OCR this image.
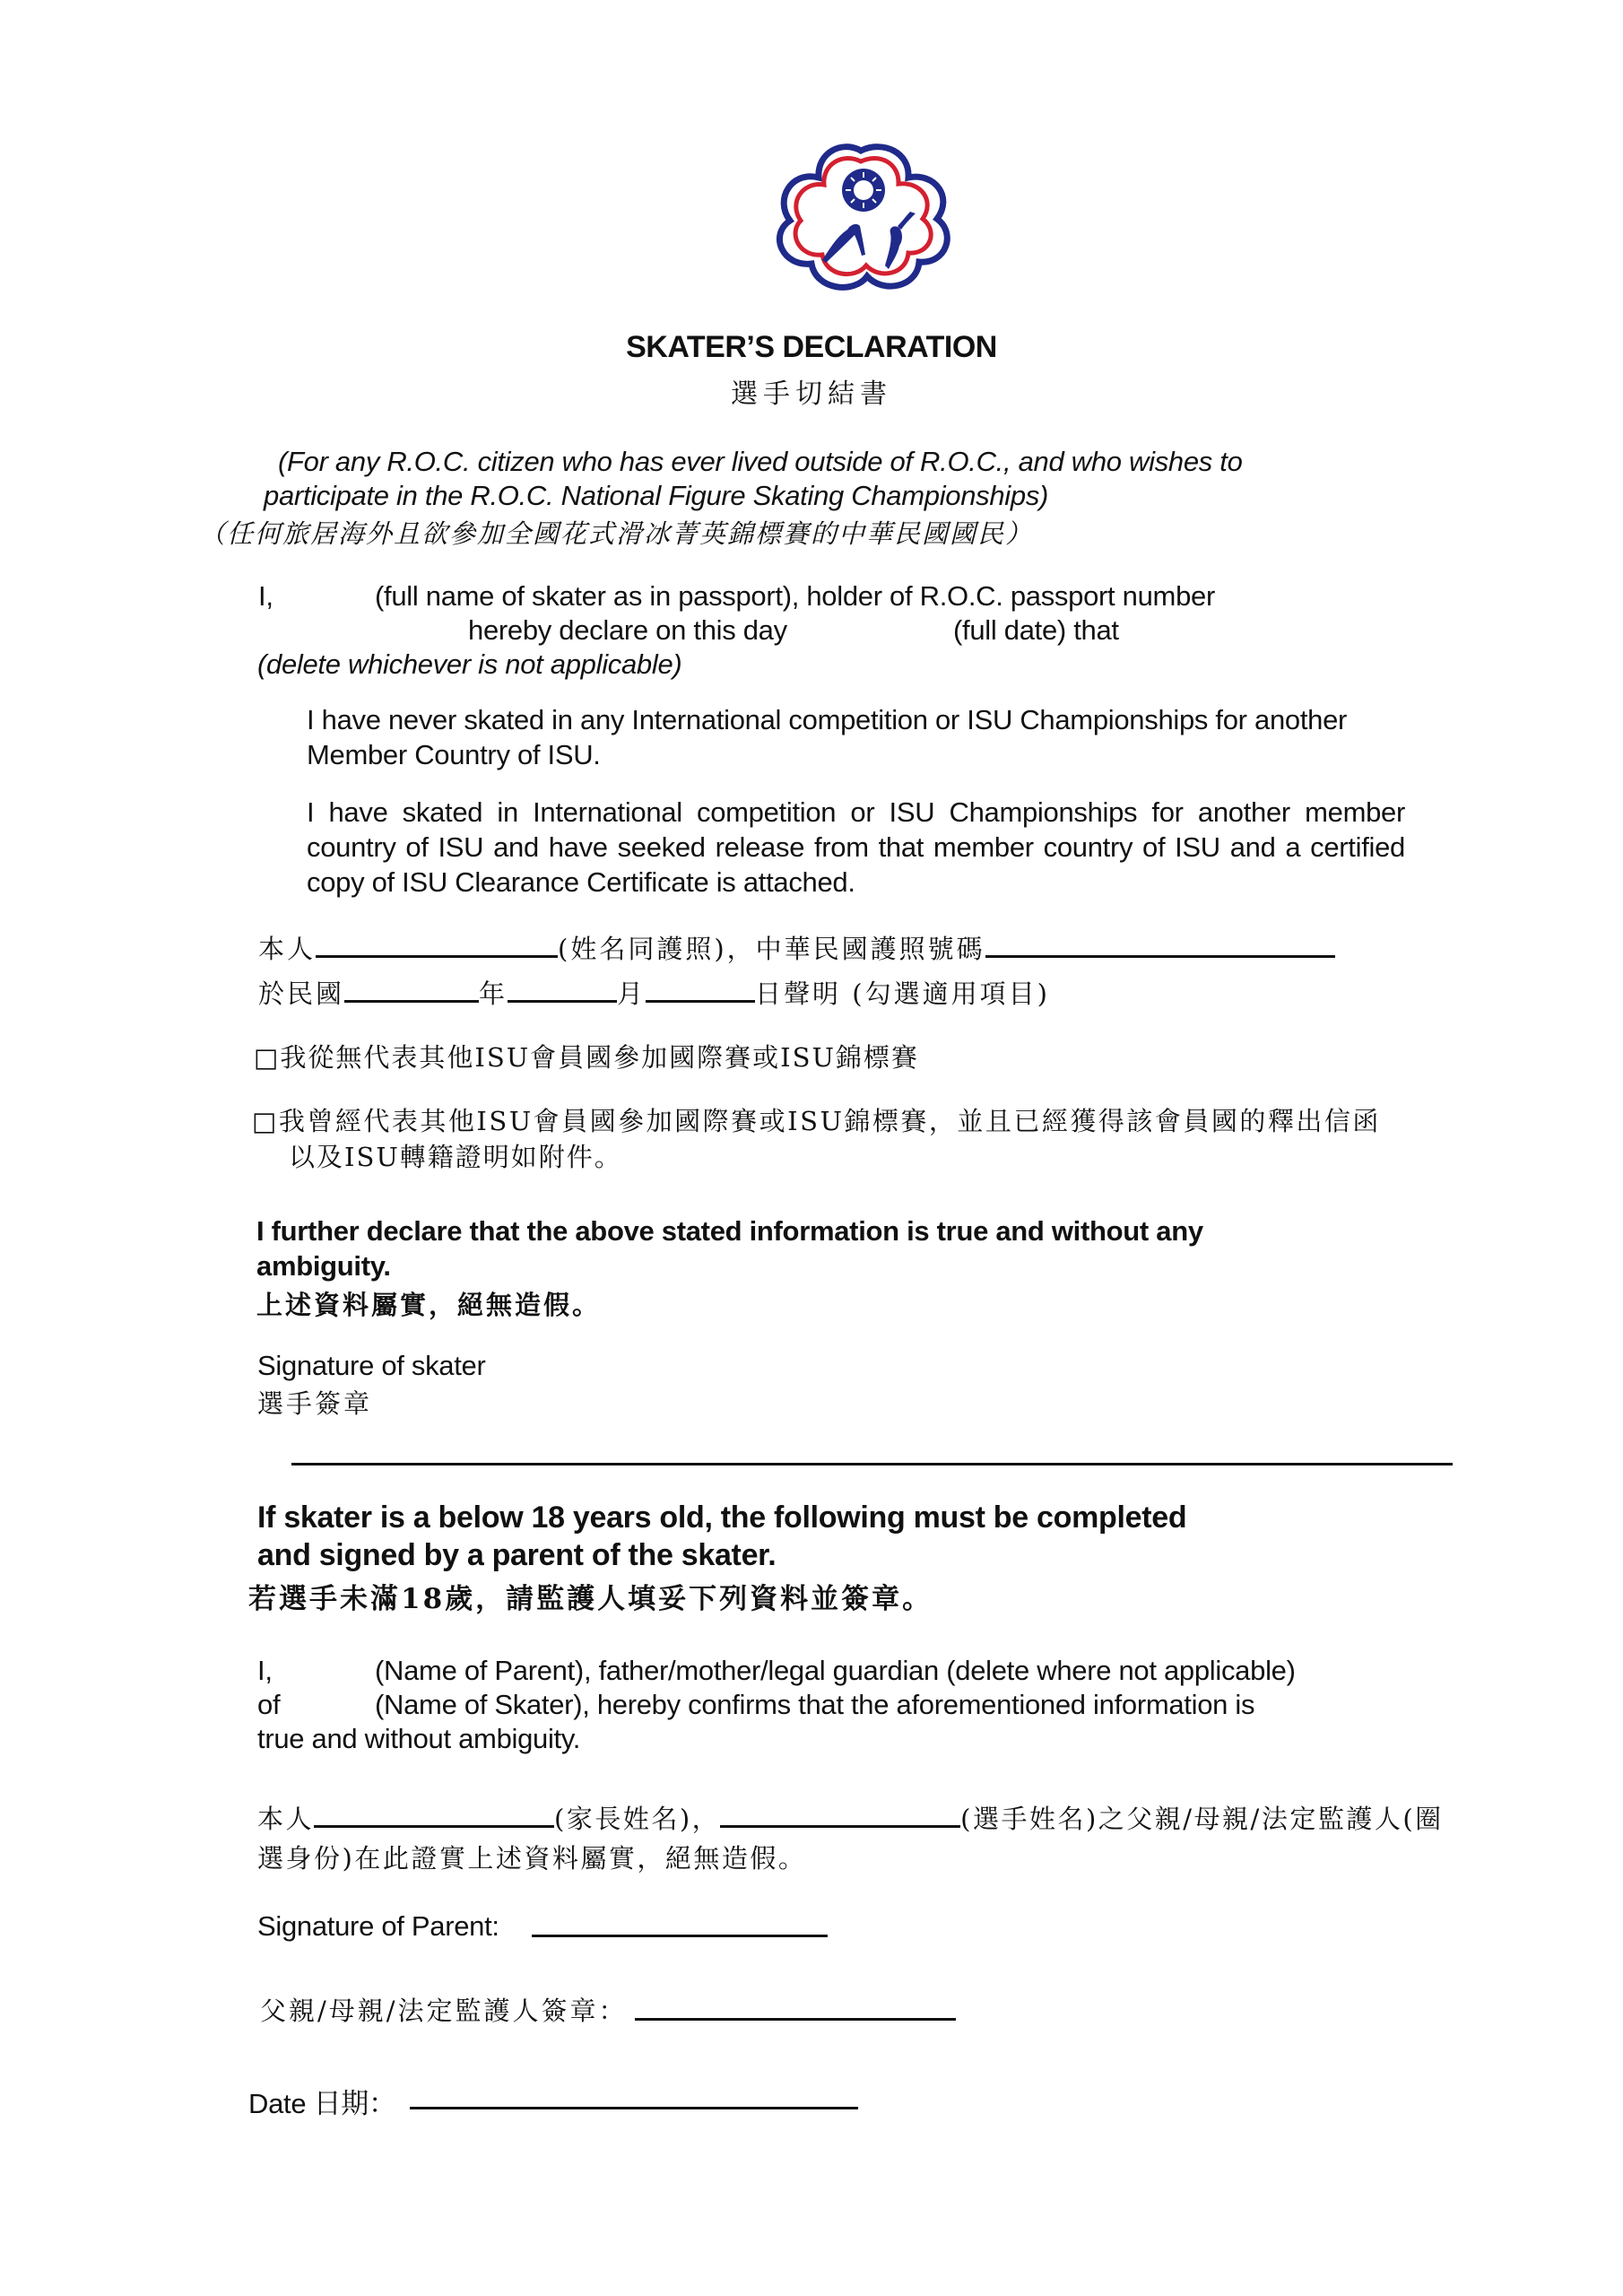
SKATER’S DECLARATION
選手切結書
(For any R.O.C. citizen who has ever lived outside of R.O.C., and who wishes to
participate in the R.O.C. National Figure Skating Championships)
（任何旅居海外且欲參加全國花式滑冰菁英錦標賽的中華民國國民）
I,	(full name of skater as in passport), holder of R.O.C. passport number
hereby declare on this day	(full date) that
(delete whichever is not applicable)
I have never skated in any International competition or ISU Championships for another Member Country of ISU.
I have skated in International competition or ISU Championships for another member country of ISU and have seeked release from that member country of ISU and a certified copy of ISU Clearance Certificate is attached.
本人	(姓名同護照)，中華民國護照號碼
於民國	年	月	日聲明 (勾選適用項目)
□我從無代表其他ISU會員國參加國際賽或ISU錦標賽
□我曾經代表其他ISU會員國參加國際賽或ISU錦標賽，並且已經獲得該會員國的釋出信函
以及ISU轉籍證明如附件。
I further declare that the above stated information is true and without any
ambiguity.
上述資料屬實，絕無造假。
Signature of skater
選手簽章
If skater is a below 18 years old, the following must be completed
and signed by a parent of the skater.
若選手未滿18歲，請監護人填妥下列資料並簽章。
I,	(Name of Parent), father/mother/legal guardian (delete where not applicable)
of	(Name of Skater), hereby confirms that the aforementioned information is
true and without ambiguity.
本人	(家長姓名)，	(選手姓名)之父親/母親/法定監護人(圈
選身份)在此證實上述資料屬實，絕無造假。
Signature of Parent:
父親/母親/法定監護人簽章：
Date 日期：
